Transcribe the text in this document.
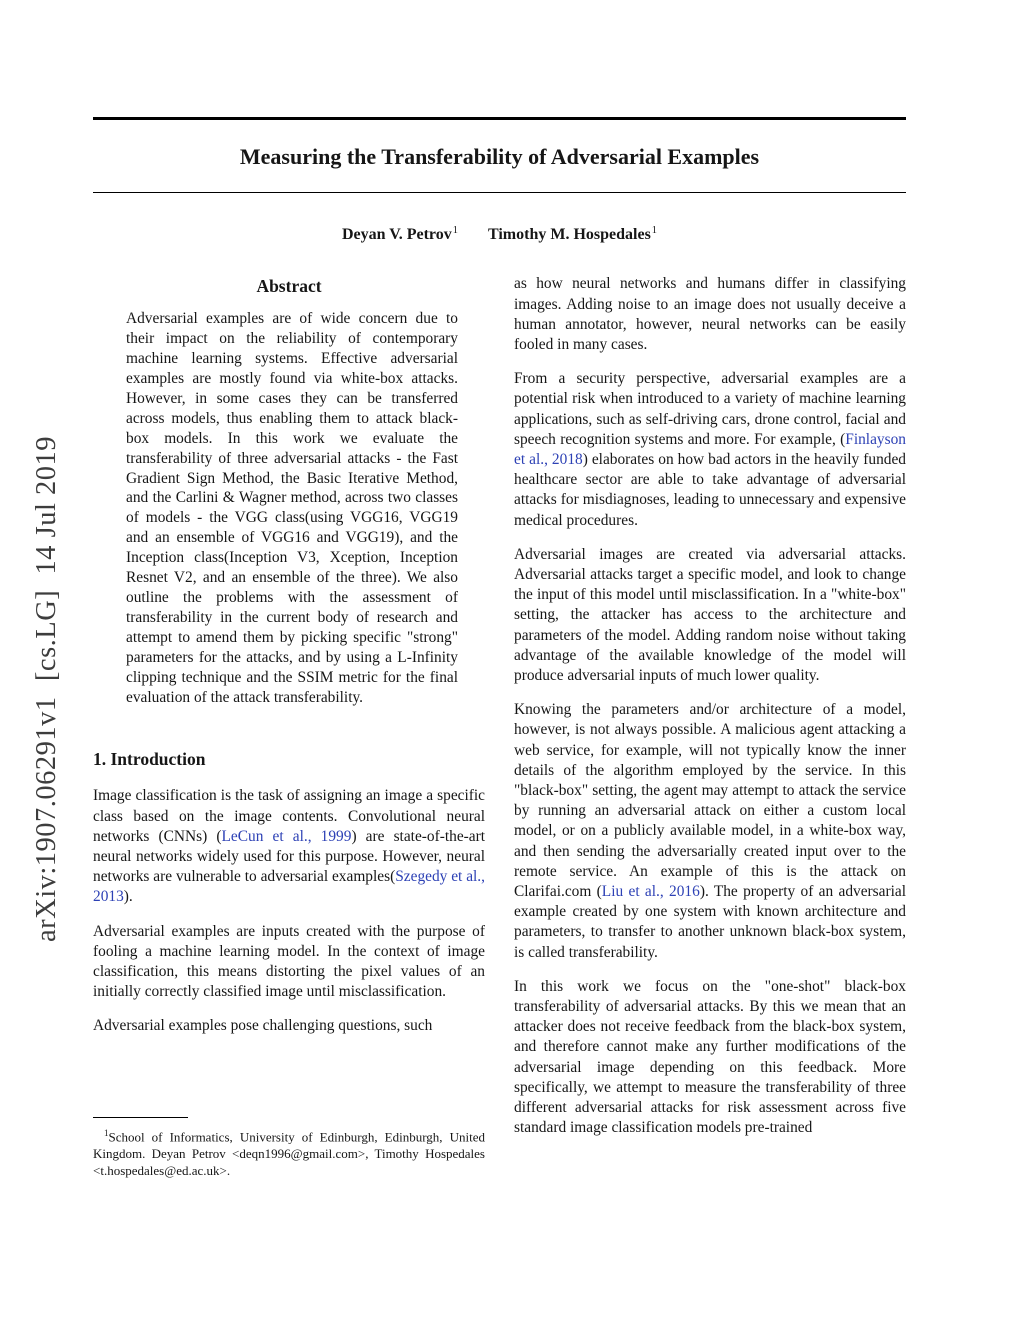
arXiv:1907.06291v1  [cs.LG]  14 Jul 2019
Measuring the Transferability of Adversarial Examples
Deyan V. Petrov$^1$ Timothy M. Hospedales$^1$
Abstract

Adversarial examples are of wide concern due to their impact on the reliability of contemporary machine learning systems. Effective adversarial examples are mostly found via white-box attacks. However, in some cases they can be transferred across models, thus enabling them to attack black-box models. In this work we evaluate the transferability of three adversarial attacks - the Fast Gradient Sign Method, the Basic Iterative Method, and the Carlini & Wagner method, across two classes of models - the VGG class(using VGG16, VGG19 and an ensemble of VGG16 and VGG19), and the Inception class(Inception V3, Xception, Inception Resnet V2, and an ensemble of the three). We also outline the problems with the assessment of transferability in the current body of research and attempt to amend them by picking specific "strong" parameters for the attacks, and by using a L-Infinity clipping technique and the SSIM metric for the final evaluation of the attack transferability.

1. Introduction

Image classification is the task of assigning an image a specific class based on the image contents. Convolutional neural networks (CNNs) (LeCun et al., 1999) are state-of-the-art neural networks widely used for this purpose. However, neural networks are vulnerable to adversarial examples(Szegedy et al., 2013).

Adversarial examples are inputs created with the purpose of fooling a machine learning model. In the context of image classification, this means distorting the pixel values of an initially correctly classified image until misclassification.

Adversarial examples pose challenging questions, such

$^1$School of Informatics, University of Edinburgh, Edinburgh, United Kingdom. Deyan Petrov <deqn1996@gmail.com>, Timothy Hospedales <t.hospedales@ed.ac.uk>.

as how neural networks and humans differ in classifying images. Adding noise to an image does not usually deceive a human annotator, however, neural networks can be easily fooled in many cases.

From a security perspective, adversarial examples are a potential risk when introduced to a variety of machine learning applications, such as self-driving cars, drone control, facial and speech recognition systems and more. For example, (Finlayson et al., 2018) elaborates on how bad actors in the heavily funded healthcare sector are able to take advantage of adversarial attacks for misdiagnoses, leading to unnecessary and expensive medical procedures.

Adversarial images are created via adversarial attacks. Adversarial attacks target a specific model, and look to change the input of this model until misclassification. In a "white-box" setting, the attacker has access to the architecture and parameters of the model. Adding random noise without taking advantage of the available knowledge of the model will produce adversarial inputs of much lower quality.

Knowing the parameters and/or architecture of a model, however, is not always possible. A malicious agent attacking a web service, for example, will not typically know the inner details of the algorithm employed by the service. In this "black-box" setting, the agent may attempt to attack the service by running an adversarial attack on either a custom local model, or on a publicly available model, in a white-box way, and then sending the adversarially created input over to the remote service. An example of this is the attack on Clarifai.com (Liu et al., 2016). The property of an adversarial example created by one system with known architecture and parameters, to transfer to another unknown black-box system, is called transferability.

In this work we focus on the "one-shot" black-box transferability of adversarial attacks. By this we mean that an attacker does not receive feedback from the black-box system, and therefore cannot make any further modifications of the adversarial image depending on this feedback. More specifically, we attempt to measure the transferability of three different adversarial attacks for risk assessment across five standard image classification models pre-trained
